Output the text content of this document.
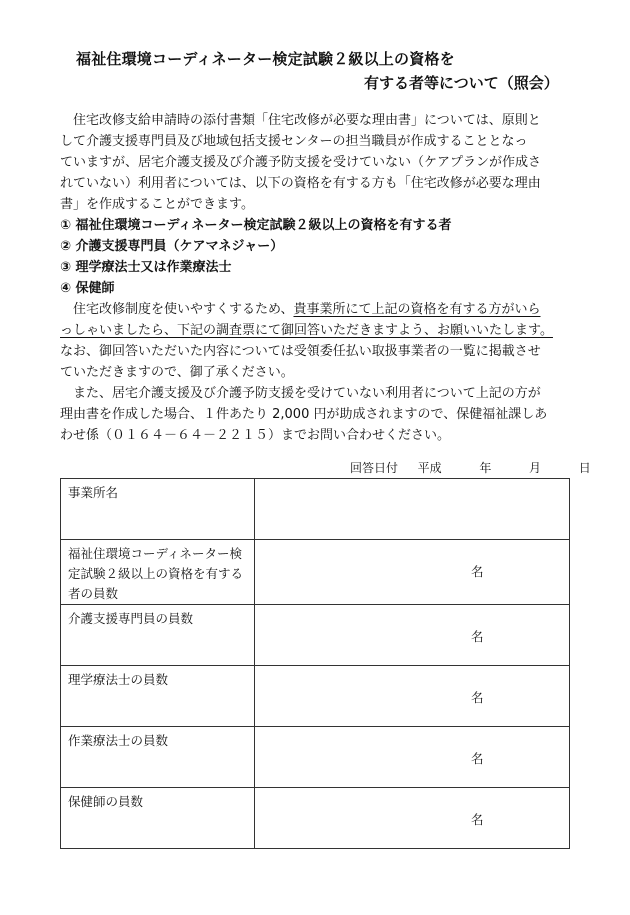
福祉住環境コーディネーター検定試験２級以上の資格を
有する者等について（照会）

住宅改修支給申請時の添付書類「住宅改修が必要な理由書」については、原則と

して介護支援専門員及び地域包括支援センターの担当職員が作成することとなっ

ていますが、居宅介護支援及び介護予防支援を受けていない（ケアプランが作成さ

れていない）利用者については、以下の資格を有する方も「住宅改修が必要な理由

書」を作成することができます。

① 福祉住環境コーディネーター検定試験２級以上の資格を有する者

② 介護支援専門員（ケアマネジャー）

③ 理学療法士又は作業療法士

④ 保健師

住宅改修制度を使いやすくするため、貴事業所にて上記の資格を有する方がいら

っしゃいましたら、下記の調査票にて御回答いただきますよう、お願いいたします。

なお、御回答いただいた内容については受領委任払い取扱事業者の一覧に掲載させ

ていただきますので、御了承ください。

また、居宅介護支援及び介護予防支援を受けていない利用者について上記の方が

理由書を作成した場合、１件あたり 2,000 円が助成されますので、保健福祉課しあ

わせ係（０１６４－６４－２２１５）までお問い合わせください。

回答日付 平成	年	月	日
事業所名	
福祉住環境コーディネーター検定試験２級以上の資格を有する者の員数	名

介護支援専門員の員数	名

理学療法士の員数	名

作業療法士の員数	名

保健師の員数	名
